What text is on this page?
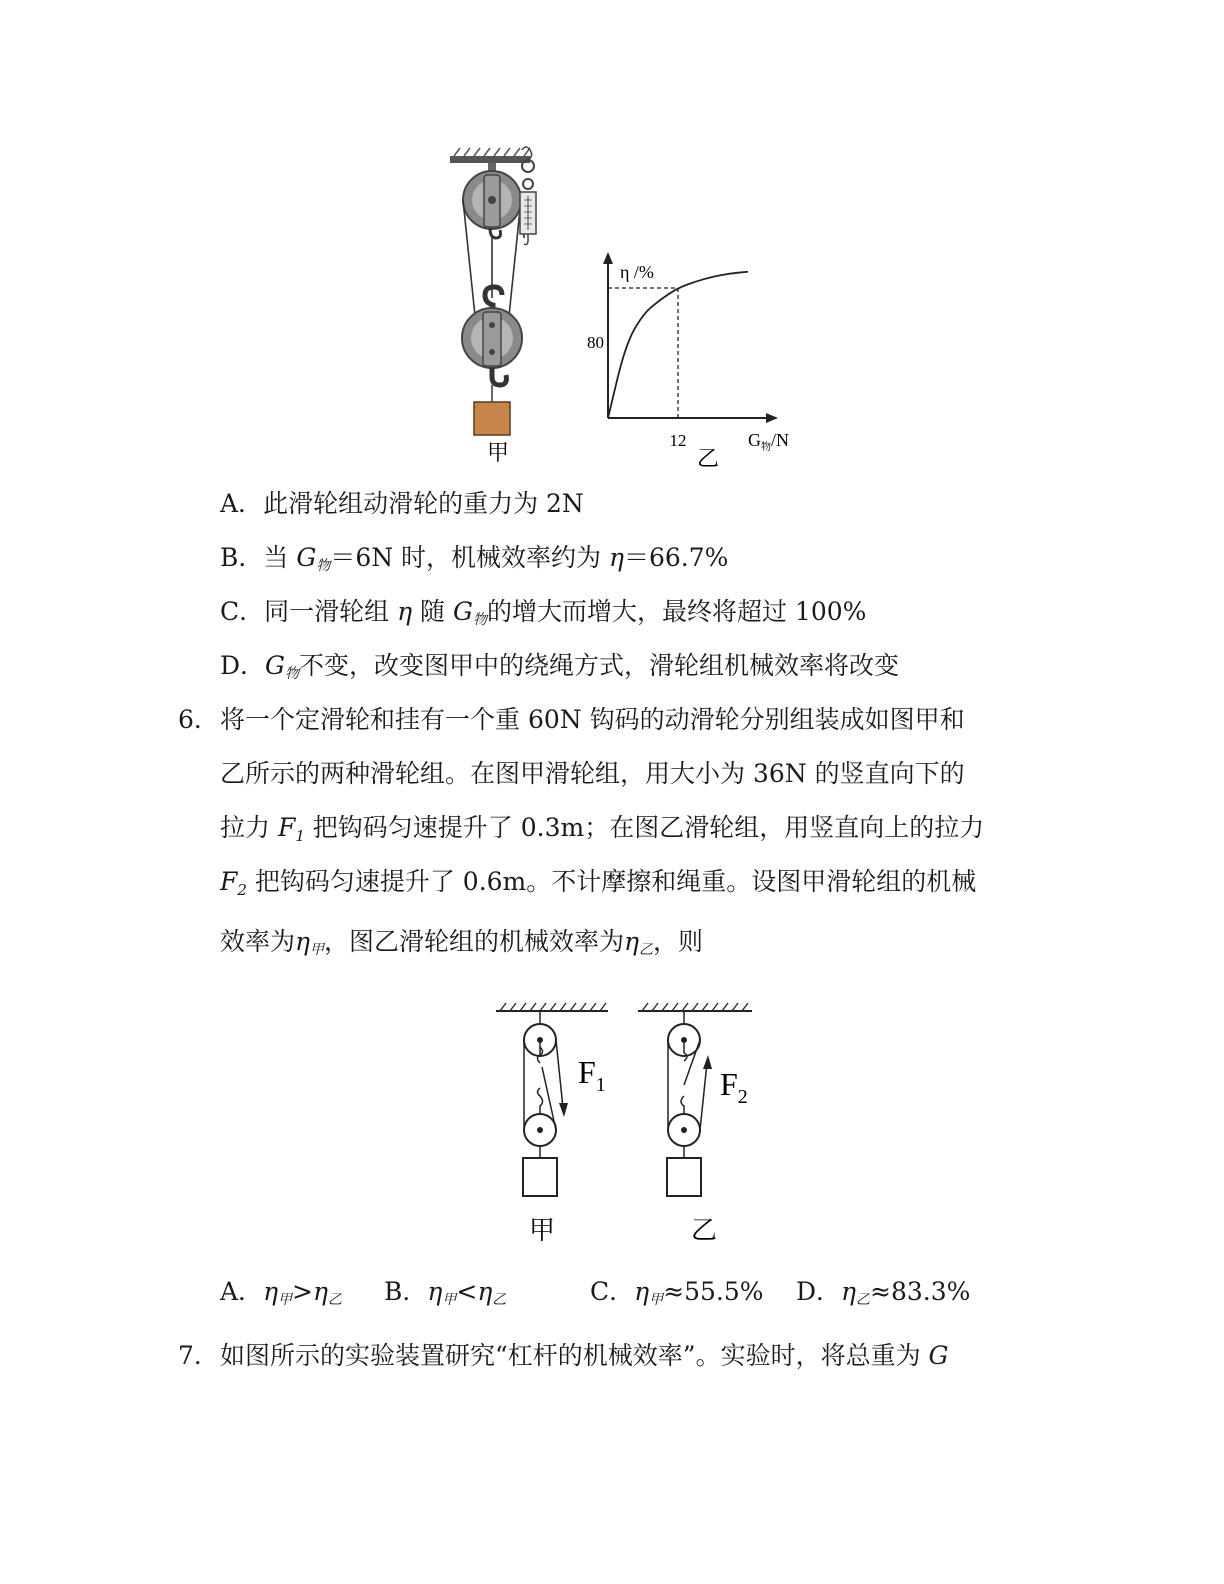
甲
η /%
80
12
乙
$G_物/N$
A．此滑轮组动滑轮的重力为 2N
B．当 $G_物=6N$ 时，机械效率约为 η＝66.7%
C．同一滑轮组 η 随 $G_物$的增大而增大，最终将超过 100%
D．$G_物$不变，改变图甲中的绕绳方式，滑轮组机械效率将改变
6． 将一个定滑轮和挂有一个重 60N 钩码的动滑轮分别组装成如图甲和
乙所示的两种滑轮组。在图甲滑轮组，用大小为 36N 的竖直向下的
拉力 $F_1$ 把钩码匀速提升了 0.3m；在图乙滑轮组，用竖直向上的拉力
$F_2$ 把钩码匀速提升了 0.6m。不计摩擦和绳重。设图甲滑轮组的机械
效率为$\eta_甲$，图乙滑轮组的机械效率为$\eta_乙$，则
$F_1$
甲
$F_2$
乙
A．$\eta_甲>\eta_乙$ B．$\eta_甲<\eta_乙$	C．$\eta_甲\approx 55.5\%$ D．$\eta_乙\approx 83.3\%$
7． 如图所示的实验装置研究“杠杆的机械效率”。实验时，将总重为 G
